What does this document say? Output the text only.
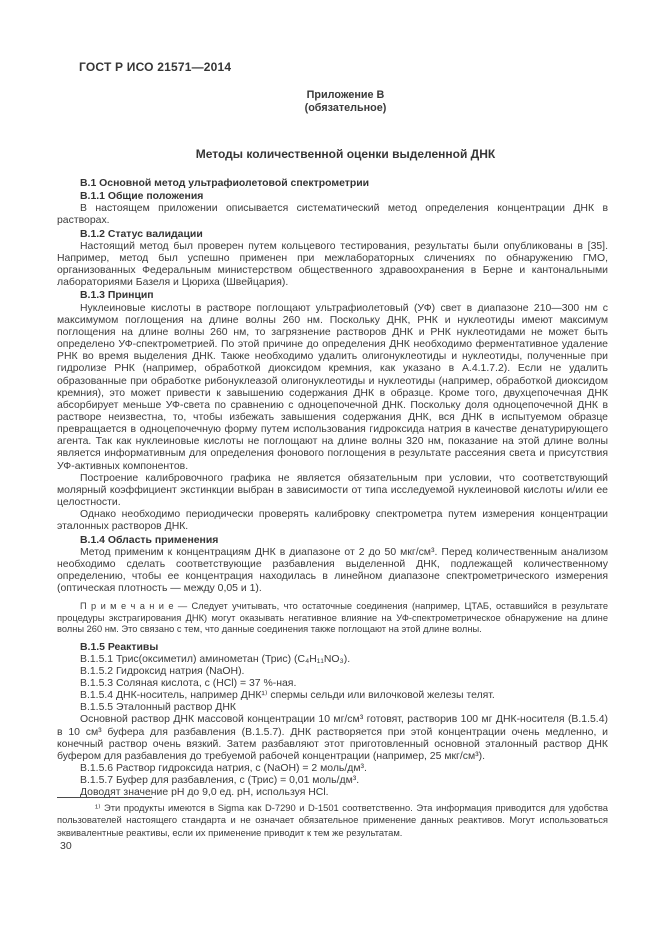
ГОСТ Р ИСО 21571—2014
Приложение В
(обязательное)
Методы количественной оценки выделенной ДНК
В.1 Основной метод ультрафиолетовой спектрометрии
В.1.1 Общие положения
В настоящем приложении описывается систематический метод определения концентрации ДНК в растворах.
В.1.2 Статус валидации
Настоящий метод был проверен путем кольцевого тестирования, результаты были опубликованы в [35]. Например, метод был успешно применен при межлабораторных сличениях по обнаружению ГМО, организованных Федеральным министерством общественного здравоохранения в Берне и кантональными лабораториями Базеля и Цюриха (Швейцария).
В.1.3 Принцип
Нуклеиновые кислоты в растворе поглощают ультрафиолетовый (УФ) свет в диапазоне 210—300 нм с максимумом поглощения на длине волны 260 нм. Поскольку ДНК, РНК и нуклеотиды имеют максимум поглощения на длине волны 260 нм, то загрязнение растворов ДНК и РНК нуклеотидами не может быть определено УФ-спектрометрией. По этой причине до определения ДНК необходимо ферментативное удаление РНК во время выделения ДНК. Также необходимо удалить олигонуклеотиды и нуклеотиды, полученные при гидролизе РНК (например, обработкой диоксидом кремния, как указано в А.4.1.7.2). Если не удалить образованные при обработке рибонуклеазой олигонуклеотиды и нуклеотиды (например, обработкой диоксидом кремния), это может привести к завышению содержания ДНК в образце. Кроме того, двухцепочечная ДНК абсорбирует меньше УФ-света по сравнению с одноцепочечной ДНК. Поскольку доля одноцепочечной ДНК в растворе неизвестна, то, чтобы избежать завышения содержания ДНК, вся ДНК в испытуемом образце превращается в одноцепочечную форму путем использования гидроксида натрия в качестве денатурирующего агента. Так как нуклеиновые кислоты не поглощают на длине волны 320 нм, показание на этой длине волны является информативным для определения фонового поглощения в результате рассеяния света и присутствия УФ-активных компонентов.
Построение калибровочного графика не является обязательным при условии, что соответствующий молярный коэффициент экстинкции выбран в зависимости от типа исследуемой нуклеиновой кислоты и/или ее целостности.
Однако необходимо периодически проверять калибровку спектрометра путем измерения концентрации эталонных растворов ДНК.
В.1.4 Область применения
Метод применим к концентрациям ДНК в диапазоне от 2 до 50 мкг/см³. Перед количественным анализом необходимо сделать соответствующие разбавления выделенной ДНК, подлежащей количественному определению, чтобы ее концентрация находилась в линейном диапазоне спектрометрического измерения (оптическая плотность — между 0,05 и 1).
П р и м е ч а н и е — Следует учитывать, что остаточные соединения (например, ЦТАБ, оставшийся в результате процедуры экстрагирования ДНК) могут оказывать негативное влияние на УФ-спектрометрическое обнаружение на длине волны 260 нм. Это связано с тем, что данные соединения также поглощают на этой длине волны.
В.1.5 Реактивы
В.1.5.1 Трис(оксиметил) аминометан (Трис) (C₄H₁₁NO₃).
В.1.5.2 Гидроксид натрия (NaOH).
В.1.5.3 Соляная кислота, c (HCl) = 37 %-ная.
В.1.5.4 ДНК-носитель, например ДНК¹⁾ спермы сельди или вилочковой железы телят.
В.1.5.5 Эталонный раствор ДНК
Основной раствор ДНК массовой концентрации 10 мг/см³ готовят, растворив 100 мг ДНК-носителя (В.1.5.4) в 10 см³ буфера для разбавления (В.1.5.7). ДНК растворяется при этой концентрации очень медленно, и конечный раствор очень вязкий. Затем разбавляют этот приготовленный основной эталонный раствор ДНК буфером для разбавления до требуемой рабочей концентрации (например, 25 мкг/см³).
В.1.5.6 Раствор гидроксида натрия, c (NaOH) = 2 моль/дм³.
В.1.5.7 Буфер для разбавления, c (Трис) = 0,01 моль/дм³.
Доводят значение pH до 9,0 ед. pH, используя HCl.
¹⁾ Эти продукты имеются в Sigma как D-7290 и D-1501 соответственно. Эта информация приводится для удобства пользователей настоящего стандарта и не означает обязательное применение данных реактивов. Могут использоваться эквивалентные реактивы, если их применение приводит к тем же результатам.
30
